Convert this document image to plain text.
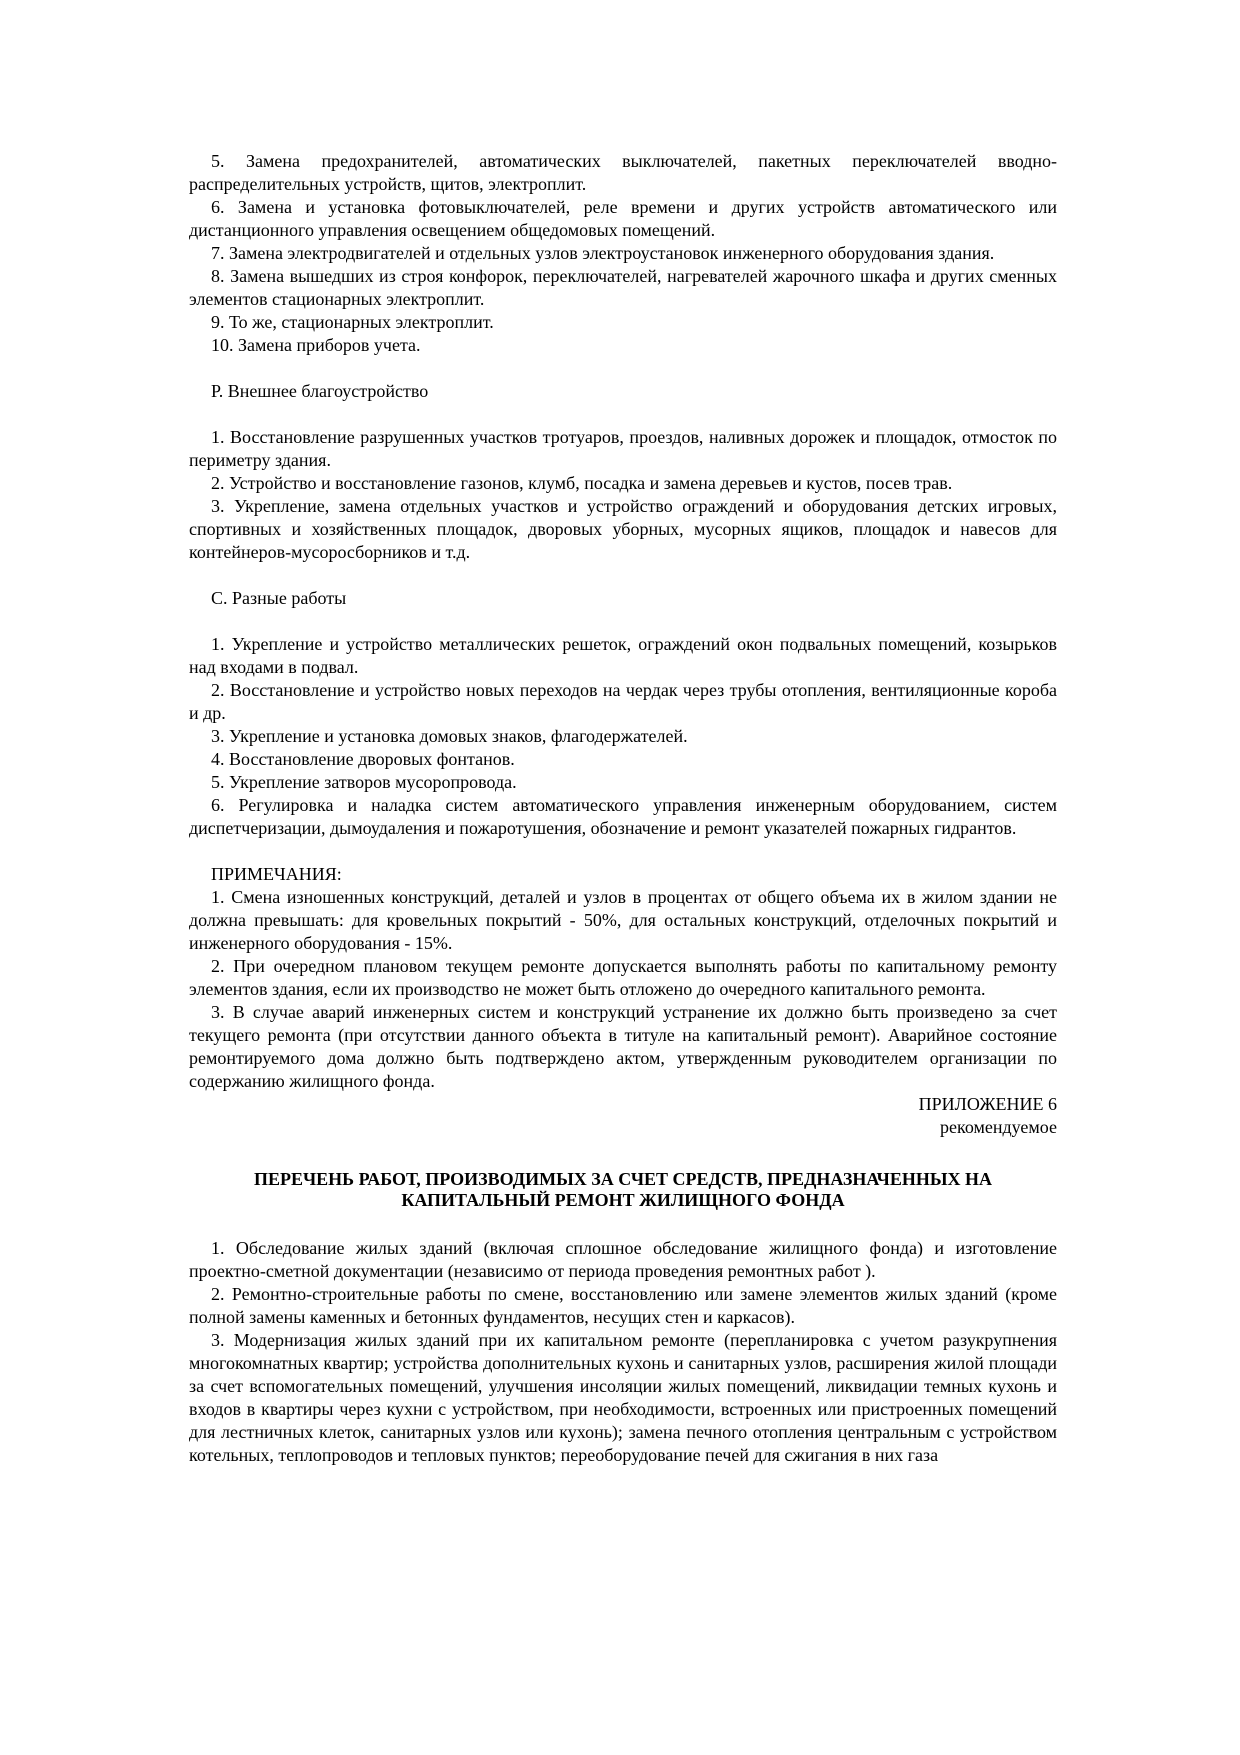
5. Замена предохранителей, автоматических выключателей, пакетных переключателей вводно-распределительных устройств, щитов, электроплит.

6. Замена и установка фотовыключателей, реле времени и других устройств автоматического или дистанционного управления освещением общедомовых помещений.

7. Замена электродвигателей и отдельных узлов электроустановок инженерного оборудования здания.

8. Замена вышедших из строя конфорок, переключателей, нагревателей жарочного шкафа и других сменных элементов стационарных электроплит.

9. То же, стационарных электроплит.

10. Замена приборов учета.

Р. Внешнее благоустройство

1. Восстановление разрушенных участков тротуаров, проездов, наливных дорожек и площадок, отмосток по периметру здания.

2. Устройство и восстановление газонов, клумб, посадка и замена деревьев и кустов, посев трав.

3. Укрепление, замена отдельных участков и устройство ограждений и оборудования детских игровых, спортивных и хозяйственных площадок, дворовых уборных, мусорных ящиков, площадок и навесов для контейнеров-мусоросборников и т.д.

С. Разные работы

1. Укрепление и устройство металлических решеток, ограждений окон подвальных помещений, козырьков над входами в подвал.

2. Восстановление и устройство новых переходов на чердак через трубы отопления, вентиляционные короба и др.

3. Укрепление и установка домовых знаков, флагодержателей.

4. Восстановление дворовых фонтанов.

5. Укрепление затворов мусоропровода.

6. Регулировка и наладка систем автоматического управления инженерным оборудованием, систем диспетчеризации, дымоудаления и пожаротушения, обозначение и ремонт указателей пожарных гидрантов.

ПРИМЕЧАНИЯ:

1. Смена изношенных конструкций, деталей и узлов в процентах от общего объема их в жилом здании не должна превышать: для кровельных покрытий - 50%, для остальных конструкций, отделочных покрытий и инженерного оборудования - 15%.

2. При очередном плановом текущем ремонте допускается выполнять работы по капитальному ремонту элементов здания, если их производство не может быть отложено до очередного капитального ремонта.

3. В случае аварий инженерных систем и конструкций устранение их должно быть произведено за счет текущего ремонта (при отсутствии данного объекта в титуле на капитальный ремонт). Аварийное состояние ремонтируемого дома должно быть подтверждено актом, утвержденным руководителем организации по содержанию жилищного фонда.

ПРИЛОЖЕНИЕ 6

рекомендуемое

ПЕРЕЧЕНЬ РАБОТ, ПРОИЗВОДИМЫХ ЗА СЧЕТ СРЕДСТВ, ПРЕДНАЗНАЧЕННЫХ НА

КАПИТАЛЬНЫЙ РЕМОНТ ЖИЛИЩНОГО ФОНДА

1. Обследование жилых зданий (включая сплошное обследование жилищного фонда) и изготовление проектно-сметной документации (независимо от периода проведения ремонтных работ ).

2. Ремонтно-строительные работы по смене, восстановлению или замене элементов жилых зданий (кроме полной замены каменных и бетонных фундаментов, несущих стен и каркасов).

3. Модернизация жилых зданий при их капитальном ремонте (перепланировка с учетом разукрупнения многокомнатных квартир; устройства дополнительных кухонь и санитарных узлов, расширения жилой площади за счет вспомогательных помещений, улучшения инсоляции жилых помещений, ликвидации темных кухонь и входов в квартиры через кухни с устройством, при необходимости, встроенных или пристроенных помещений для лестничных клеток, санитарных узлов или кухонь); замена печного отопления центральным с устройством котельных, теплопроводов и тепловых пунктов; переоборудование печей для сжигания в них газа
